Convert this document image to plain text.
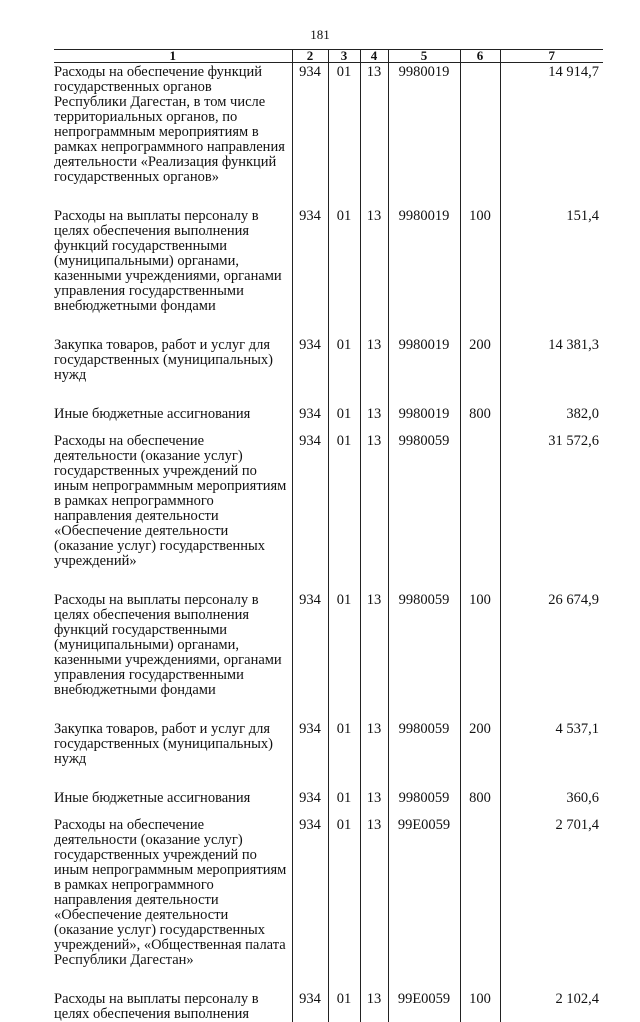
181
1	2	3	4	5	6	7
Расходы на обеспечение функций государственных органов Республики Дагестан, в том числе территориальных органов, по непрограммным мероприятиям в рамках непрограммного направления деятельности «Реализация функций государственных органов»	934	01	13	9980019		14 914,7
Расходы на выплаты персоналу в целях обеспечения выполнения функций государственными (муниципальными) органами, казенными учреждениями, органами управления государственными внебюджетными фондами	934	01	13	9980019	100	151,4
Закупка товаров, работ и услуг для государственных (муниципальных) нужд	934	01	13	9980019	200	14 381,3
Иные бюджетные ассигнования	934	01	13	9980019	800	382,0
Расходы на обеспечение деятельности (оказание услуг) государственных учреждений по иным непрограммным мероприятиям в рамках непрограммного направления деятельности «Обеспечение деятельности (оказание услуг) государственных учреждений»	934	01	13	9980059		31 572,6
Расходы на выплаты персоналу в целях обеспечения выполнения функций государственными (муниципальными) органами, казенными учреждениями, органами управления государственными внебюджетными фондами	934	01	13	9980059	100	26 674,9
Закупка товаров, работ и услуг для государственных (муниципальных) нужд	934	01	13	9980059	200	4 537,1
Иные бюджетные ассигнования	934	01	13	9980059	800	360,6
Расходы на обеспечение деятельности (оказание услуг) государственных учреждений по иным непрограммным мероприятиям в рамках непрограммного направления деятельности «Обеспечение деятельности (оказание услуг) государственных учреждений», «Общественная палата Республики Дагестан»	934	01	13	99Е0059		2 701,4
Расходы на выплаты персоналу в целях обеспечения выполнения	934	01	13	99Е0059	100	2 102,4
